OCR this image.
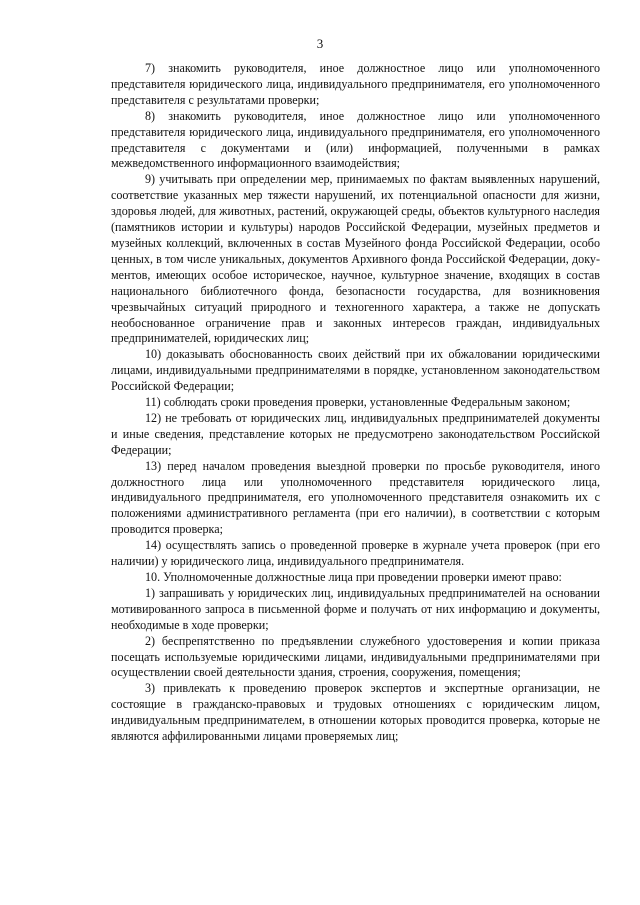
3

7) знакомить руководителя, иное должностное лицо или уполномоченного представителя юридического лица, индивидуального предпринимателя, его уполномоченного представителя с результатами проверки;

8) знакомить руководителя, иное должностное лицо или уполномоченного представителя юридического лица, индивидуального предпринимателя, его уполномоченного представителя с документами и (или) информацией, полученными в рамках межведомственного информационного взаимодействия;

9) учитывать при определении мер, принимаемых по фактам выявленных нарушений, соответствие указанных мер тяжести нарушений, их потенциальной опасности для жизни, здоровья людей, для животных, растений, окружающей среды, объектов культурного наследия (памятников истории и культуры) народов Российской Федерации, музейных предметов и музейных коллекций, включенных в состав Музейного фонда Российской Федерации, особо ценных, в том числе уникальных, документов Архивного фонда Российской Федерации, документов, имеющих особое историческое, научное, культурное значение, входящих в состав национального библиотечного фонда, безопасности государства, для возникновения чрезвычайных ситуаций природного и техногенного характера, а также не допускать необоснованное ограничение прав и законных интересов граждан, индивидуальных предпринимателей, юридических лиц;

10) доказывать обоснованность своих действий при их обжаловании юридическими лицами, индивидуальными предпринимателями в порядке, установленном законодательством Российской Федерации;

11) соблюдать сроки проведения проверки, установленные Федеральным законом;

12) не требовать от юридических лиц, индивидуальных предпринимателей документы и иные сведения, представление которых не предусмотрено законодательством Российской Федерации;

13) перед началом проведения выездной проверки по просьбе руководителя, иного должностного лица или уполномоченного представителя юридического лица, индивидуального предпринимателя, его уполномоченного представителя ознакомить их с положениями административного регламента (при его наличии), в соответствии с которым проводится проверка;

14) осуществлять запись о проведенной проверке в журнале учета проверок (при его наличии) у юридического лица, индивидуального предпринимателя.

10. Уполномоченные должностные лица при проведении проверки имеют право:

1) запрашивать у юридических лиц, индивидуальных предпринимателей на основании мотивированного запроса в письменной форме и получать от них информацию и документы, необходимые в ходе проверки;

2) беспрепятственно по предъявлении служебного удостоверения и копии приказа посещать используемые юридическими лицами, индивидуальными предпринимателями при осуществлении своей деятельности здания, строения, сооружения, помещения;

3) привлекать к проведению проверок экспертов и экспертные организации, не состоящие в гражданско-правовых и трудовых отношениях с юридическим лицом, индивидуальным предпринимателем, в отношении которых проводится проверка, которые не являются аффилированными лицами проверяемых лиц;
